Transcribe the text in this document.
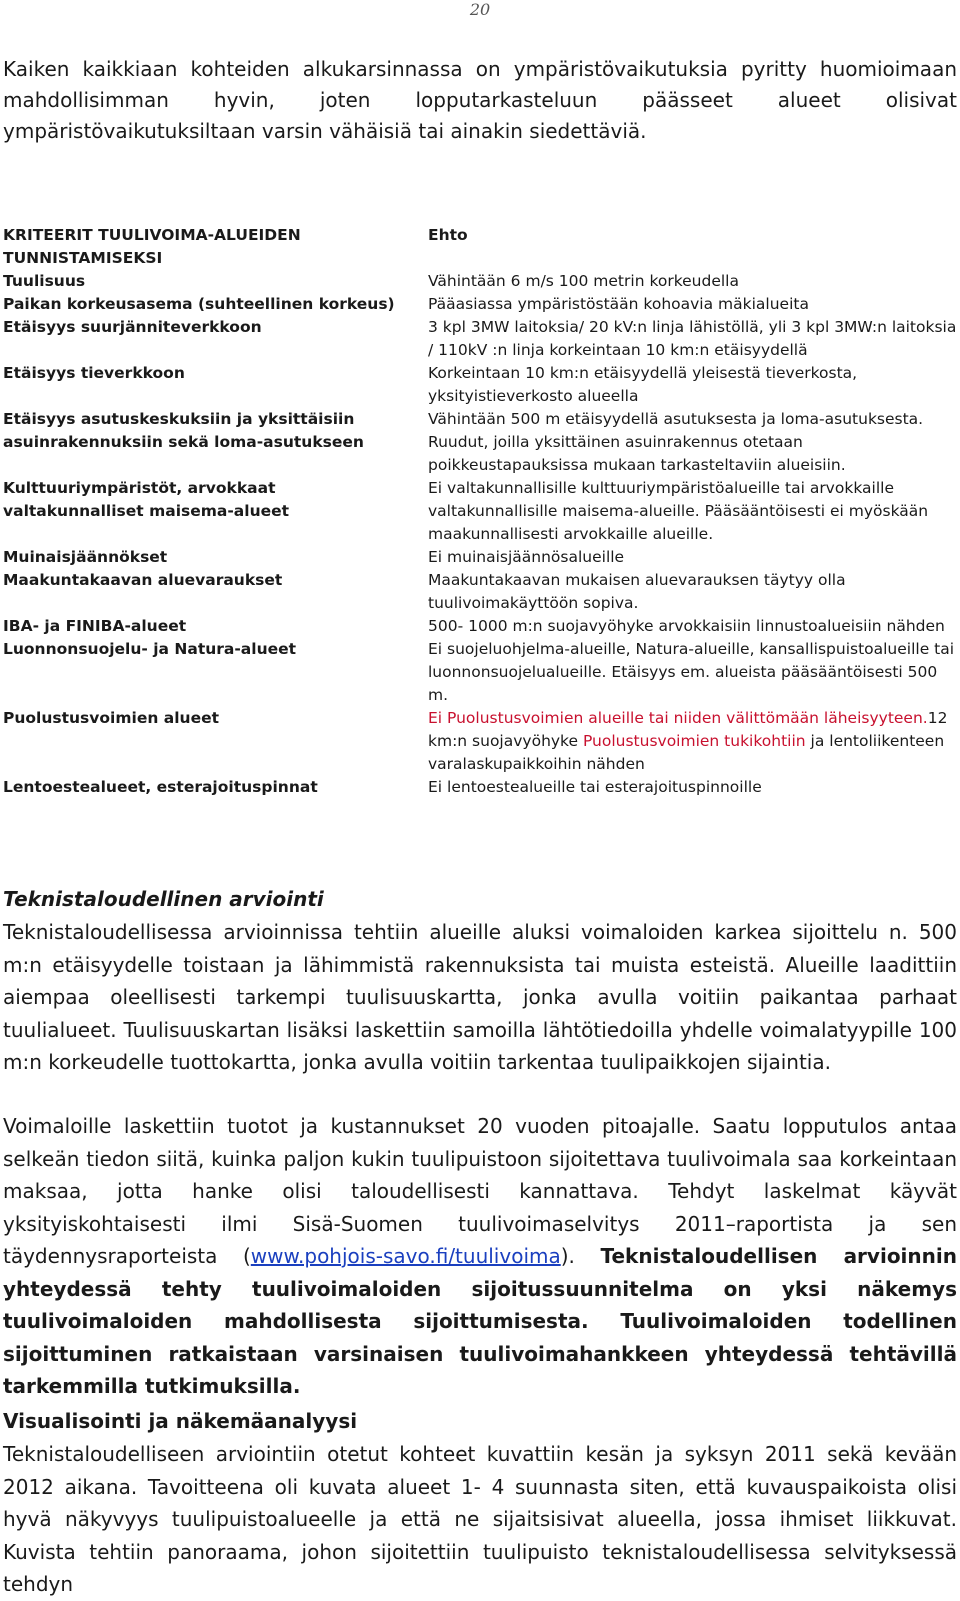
20

Kaiken kaikkiaan kohteiden alkukarsinnassa on ympäristövaikutuksia pyritty huomioimaan mahdollisimman hyvin, joten lopputarkasteluun päässeet alueet olisivat ympäristövaikutuksiltaan varsin vähäisiä tai ainakin siedettäviä.

KRITEERIT TUULIVOIMA-ALUEIDEN TUNNISTAMISEKSI	Ehto
Tuulisuus	Vähintään 6 m/s 100 metrin korkeudella
Paikan korkeusasema (suhteellinen korkeus)	Pääasiassa ympäristöstään kohoavia mäkialueita
Etäisyys suurjänniteverkkoon	3 kpl 3MW laitoksia/ 20 kV:n linja lähistöllä, yli 3 kpl 3MW:n laitoksia / 110kV :n linja korkeintaan 10 km:n etäisyydellä
Etäisyys tieverkkoon	Korkeintaan 10 km:n etäisyydellä yleisestä tieverkosta, yksityistieverkosto alueella
Etäisyys asutuskeskuksiin ja yksittäisiin asuinrakennuksiin sekä loma-asutukseen	Vähintään 500 m etäisyydellä asutuksesta ja loma-asutuksesta. Ruudut, joilla yksittäinen asuinrakennus otetaan poikkeustapauksissa mukaan tarkasteltaviin alueisiin.
Kulttuuriympäristöt, arvokkaat valtakunnalliset maisema-alueet	Ei valtakunnallisille kulttuuriympäristöalueille tai arvokkaille valtakunnallisille maisema-alueille. Pääsääntöisesti ei myöskään maakunnallisesti arvokkaille alueille.
Muinaisjäännökset	Ei muinaisjäännösalueille
Maakuntakaavan aluevaraukset	Maakuntakaavan mukaisen aluevarauksen täytyy olla tuulivoimakäyttöön sopiva.
IBA- ja FINIBA-alueet	500- 1000 m:n suojavyöhyke arvokkaisiin linnustoalueisiin nähden
Luonnonsuojelu- ja Natura-alueet	Ei suojeluohjelma-alueille, Natura-alueille, kansallispuistoalueille tai luonnonsuojelualueille. Etäisyys em. alueista pääsääntöisesti 500 m.
Puolustusvoimien alueet	Ei Puolustusvoimien alueille tai niiden välittömään läheisyyteen.12 km:n suojavyöhyke Puolustusvoimien tukikohtiin ja lentoliikenteen varalaskupaikkoihin nähden
Lentoestealueet, esterajoituspinnat	Ei lentoestealueille tai esterajoituspinnoille
Teknistaloudellinen arviointi

Teknistaloudellisessa arvioinnissa tehtiin alueille aluksi voimaloiden karkea sijoittelu n. 500 m:n etäisyydelle toistaan ja lähimmistä rakennuksista tai muista esteistä. Alueille laadittiin aiempaa oleellisesti tarkempi tuulisuuskartta, jonka avulla voitiin paikantaa parhaat tuulialueet. Tuulisuuskartan lisäksi laskettiin samoilla lähtötiedoilla yhdelle voimalatyypille 100 m:n korkeudelle tuottokartta, jonka avulla voitiin tarkentaa tuulipaikkojen sijaintia.

Voimaloille laskettiin tuotot ja kustannukset 20 vuoden pitoajalle. Saatu lopputulos antaa selkeän tiedon siitä, kuinka paljon kukin tuulipuistoon sijoitettava tuulivoimala saa korkeintaan maksaa, jotta hanke olisi taloudellisesti kannattava. Tehdyt laskelmat käyvät yksityiskohtaisesti ilmi Sisä-Suomen tuulivoimaselvitys 2011–raportista ja sen täydennysraporteista (www.pohjois-savo.fi/tuulivoima). Teknistaloudellisen arvioinnin yhteydessä tehty tuulivoimaloiden sijoitussuunnitelma on yksi näkemys tuulivoimaloiden mahdollisesta sijoittumisesta. Tuulivoimaloiden todellinen sijoittuminen ratkaistaan varsinaisen tuulivoimahankkeen yhteydessä tehtävillä tarkemmilla tutkimuksilla.

Visualisointi ja näkemäanalyysi

Teknistaloudelliseen arviointiin otetut kohteet kuvattiin kesän ja syksyn 2011 sekä kevään 2012 aikana. Tavoitteena oli kuvata alueet 1- 4 suunnasta siten, että kuvauspaikoista olisi hyvä näkyvyys tuulipuistoalueelle ja että ne sijaitsisivat alueella, jossa ihmiset liikkuvat. Kuvista tehtiin panoraama, johon sijoitettiin tuulipuisto teknistaloudellisessa selvityksessä tehdyn
